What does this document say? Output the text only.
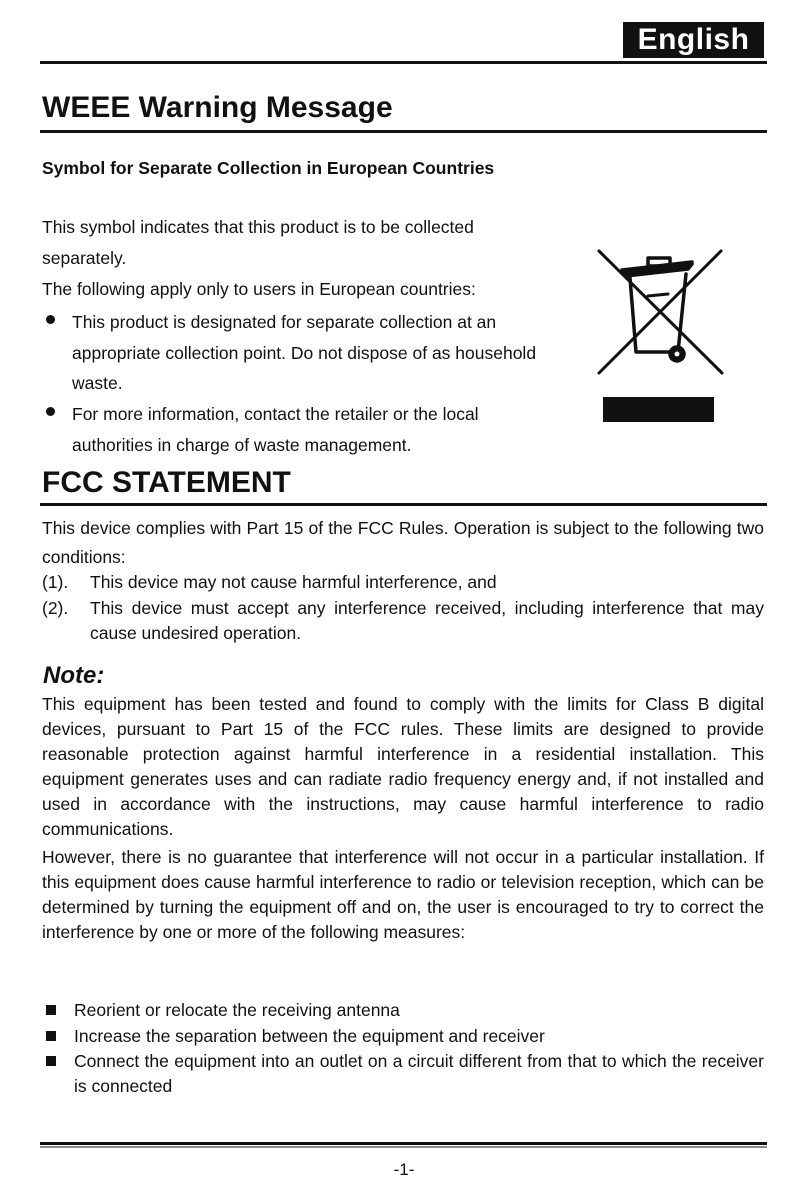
English
WEEE Warning Message
Symbol for Separate Collection in European Countries
This symbol indicates that this product is to be collected
separately.
The following apply only to users in European countries:

This product is designated for separate collection at an appropriate collection point. Do not dispose of as household waste.

For more information, contact the retailer or the local authorities in charge of waste management.

FCC STATEMENT

This device complies with Part 15 of the FCC Rules. Operation is subject to the following two conditions:

(1). This device may not cause harmful interference, and

(2). This device must accept any interference received, including interference that may cause undesired operation.

Note:

This equipment has been tested and found to comply with the limits for Class B digital devices, pursuant to Part 15 of the FCC rules. These limits are designed to provide reasonable protection against harmful interference in a residential installation. This equipment generates uses and can radiate radio frequency energy and, if not installed and used in accordance with the instructions, may cause harmful interference to radio communications.

However, there is no guarantee that interference will not occur in a particular installation. If this equipment does cause harmful interference to radio or television reception, which can be determined by turning the equipment off and on, the user is encouraged to try to correct the interference by one or more of the following measures:

Reorient or relocate the receiving antenna

Increase the separation between the equipment and receiver

Connect the equipment into an outlet on a circuit different from that to which the receiver is connected

-1-
